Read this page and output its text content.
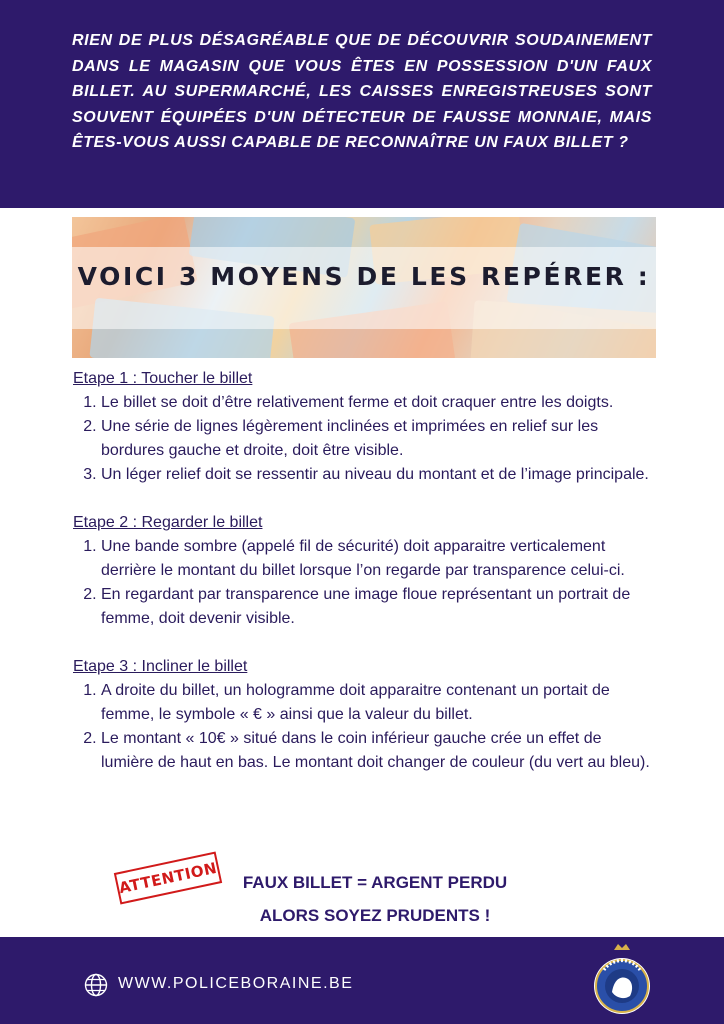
RIEN DE PLUS DÉSAGRÉABLE QUE DE DÉCOUVRIR SOUDAINEMENT DANS LE MAGASIN QUE VOUS ÊTES EN POSSESSION D'UN FAUX BILLET. AU SUPERMARCHÉ, LES CAISSES ENREGISTREUSES SONT SOUVENT ÉQUIPÉES D'UN DÉTECTEUR DE FAUSSE MONNAIE, MAIS ÊTES-VOUS AUSSI CAPABLE DE RECONNAÎTRE UN FAUX BILLET ?

VOICI 3 MOYENS DE LES REPÉRER :
Etape 1 : Toucher le billet
1. Le billet se doit d’être relativement ferme et doit craquer entre les doigts.
2. Une série de lignes légèrement inclinées et imprimées en relief sur les bordures gauche et droite, doit être visible.
3. Un léger relief doit se ressentir au niveau du montant et de l’image principale.
Etape 2 : Regarder le billet
1. Une bande sombre (appelé fil de sécurité) doit apparaitre verticalement derrière le montant du billet lorsque l’on regarde par transparence celui-ci.
2. En regardant par transparence une image floue représentant un portrait de femme, doit devenir visible.
Etape 3 : Incliner le billet
1. A droite du billet, un hologramme doit apparaitre contenant un portait de femme, le symbole « € » ainsi que la valeur du billet.
2. Le montant « 10€ » situé dans le coin inférieur gauche crée un effet de lumière de haut en bas. Le montant doit changer de couleur (du vert au bleu).
ATTENTION	FAUX BILLET = ARGENT PERDU
ALORS SOYEZ PRUDENTS !
WWW.POLICEBORAINE.BE
